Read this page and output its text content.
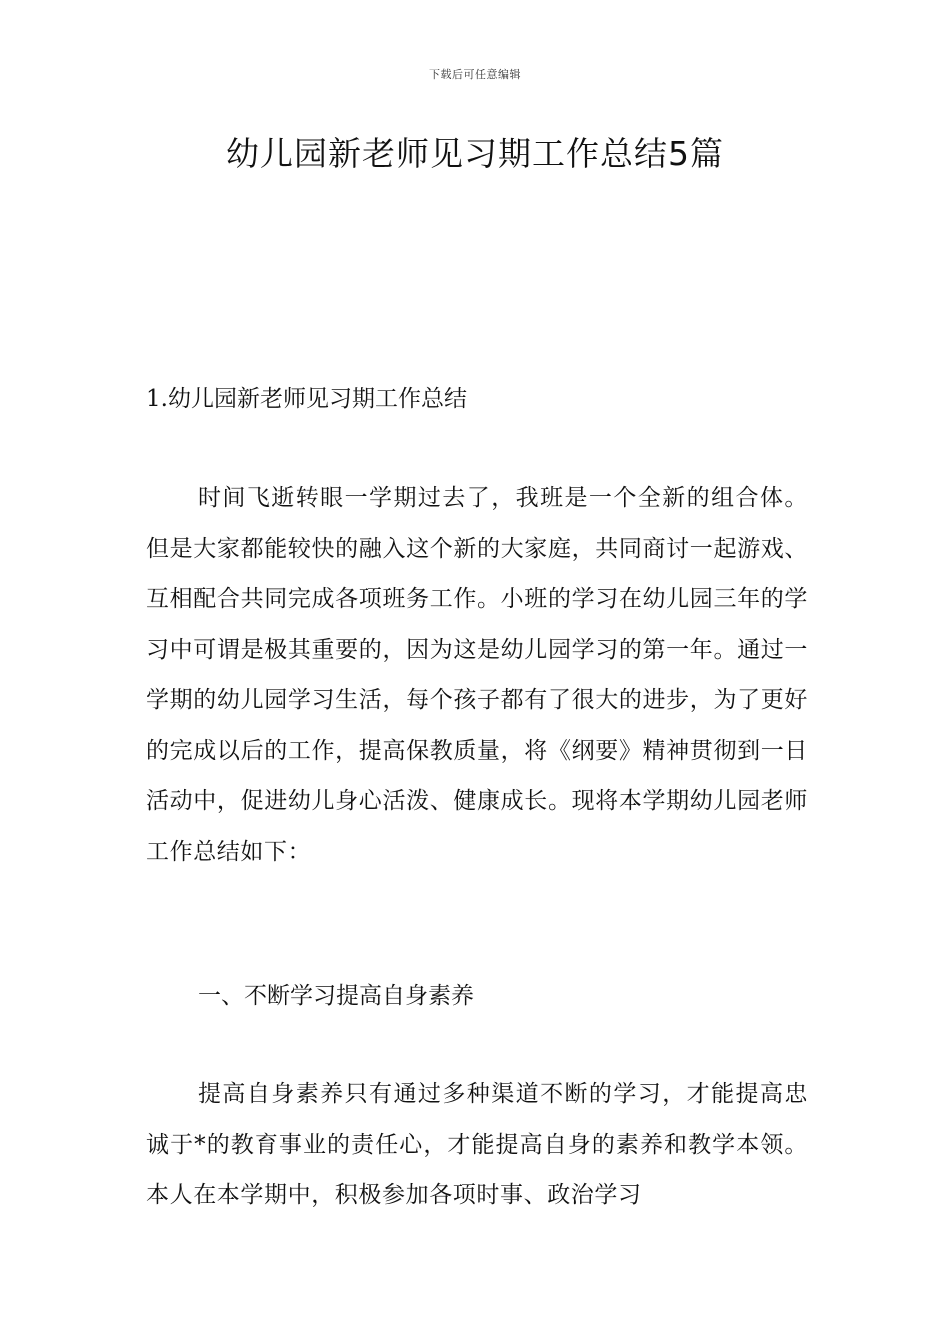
下载后可任意编辑
幼儿园新老师见习期工作总结5篇
1.幼儿园新老师见习期工作总结

时间飞逝转眼一学期过去了，我班是一个全新的组合体。但是大家都能较快的融入这个新的大家庭，共同商讨一起游戏、互相配合共同完成各项班务工作。小班的学习在幼儿园三年的学习中可谓是极其重要的，因为这是幼儿园学习的第一年。通过一学期的幼儿园学习生活，每个孩子都有了很大的进步，为了更好的完成以后的工作，提高保教质量，将《纲要》精神贯彻到一日活动中，促进幼儿身心活泼、健康成长。现将本学期幼儿园老师工作总结如下：

一、不断学习提高自身素养

提高自身素养只有通过多种渠道不断的学习，才能提高忠诚于*的教育事业的责任心，才能提高自身的素养和教学本领。本人在本学期中，积极参加各项时事、政治学习
